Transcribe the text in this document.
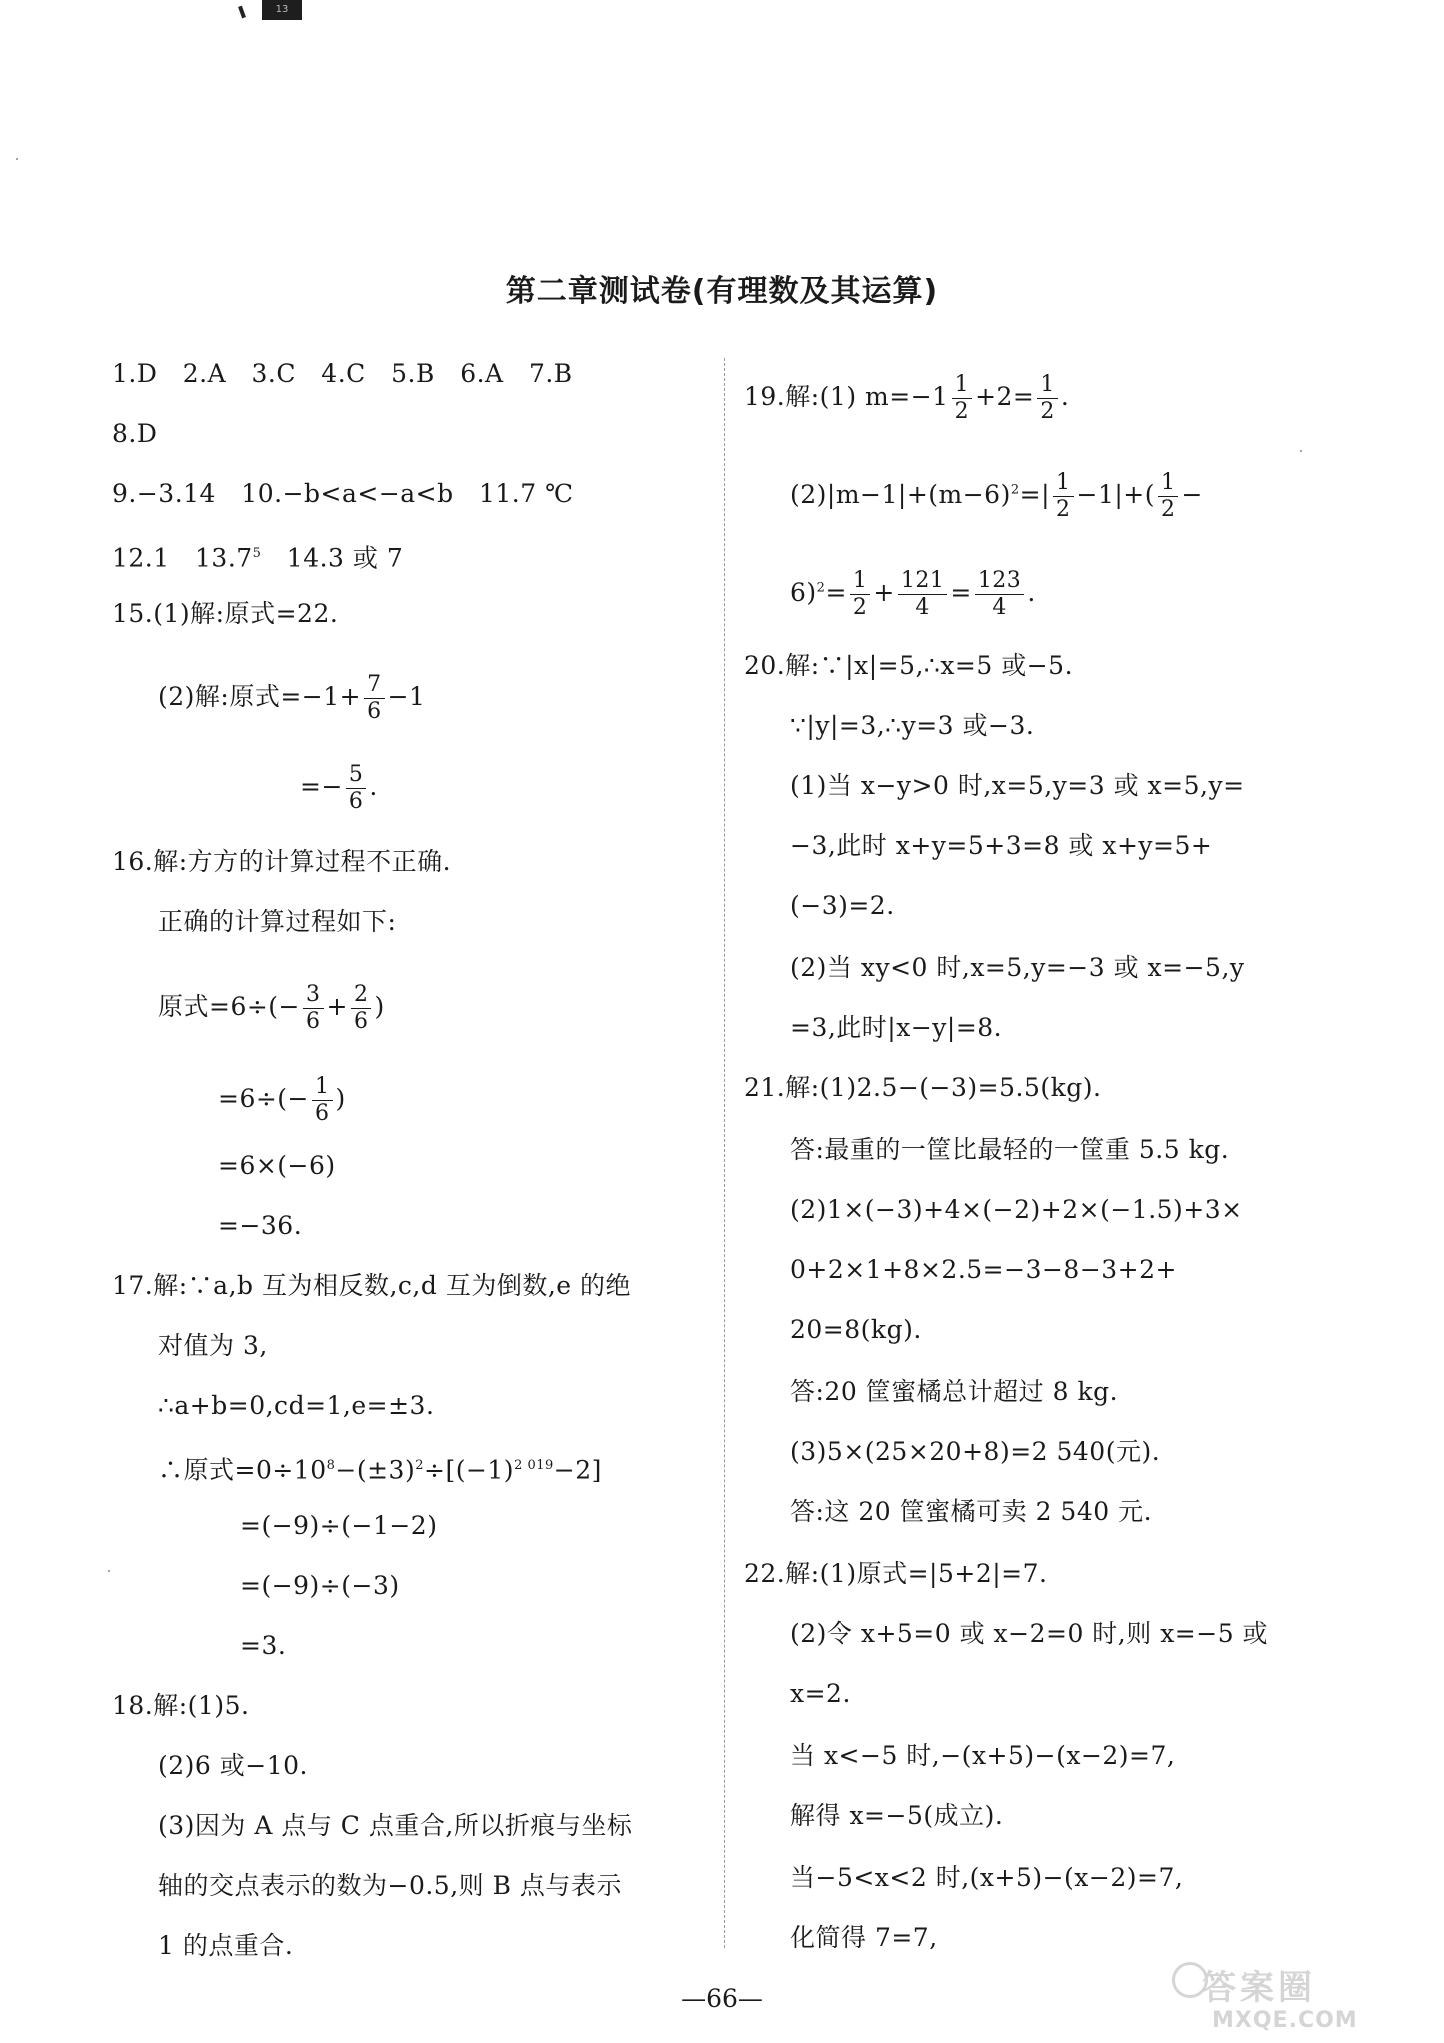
13
第二章测试卷(有理数及其运算)
1.D   2.A   3.C   4.C   5.B   6.A   7.B
8.D
9.−3.14   10.−b<a<−a<b   11.7 ℃
12.1   13.7$^5$   14.3 或 7
15.(1)解:原式=22.
(2)解:原式$=-1+ \frac{7}{6} -1$
=− $\frac{5}{6}$ .
16.解:方方的计算过程不正确.
正确的计算过程如下:
原式$=6\div(- \frac{3}{6} + \frac{2}{6}$ )
$=6\div(- \frac{1}{6}$ )
=6×(−6)
=−36.
17.解:∵a,b 互为相反数,c,d 互为倒数,e 的绝
对值为 3,
∴a+b=0,cd=1,e=±3.
∴原式$=0\div 10^8-(\pm 3)^2\div[(-1)^{2 019}-2]$
=(−9)÷(−1−2)
=(−9)÷(−3)
=3.
18.解:(1)5.
(2)6 或−10.
(3)因为 A 点与 C 点重合,所以折痕与坐标
轴的交点表示的数为−0.5,则 B 点与表示
1 的点重合.
19.解:(1) $m=-1 \frac{1}{2} +2= \frac{1}{2}$ .
$(2)|m-1|+(m-6)^2=| \frac{1}{2} -1|+( \frac{1}{2}$ −
$6)^2= \frac{1}{2} + \frac{121}{4} = \frac{123}{4}$ .
20.解:∵|x|=5,∴x=5 或−5.
∵|y|=3,∴y=3 或−3.
(1)当 x−y>0 时,x=5,y=3 或 x=5,y=
−3,此时 x+y=5+3=8 或 x+y=5+
(−3)=2.
(2)当 xy<0 时,x=5,y=−3 或 x=−5,y
=3,此时|x−y|=8.
21.解:(1)2.5−(−3)=5.5(kg).
答:最重的一筐比最轻的一筐重 5.5 kg.
(2)1×(−3)+4×(−2)+2×(−1.5)+3×
0+2×1+8×2.5=−3−8−3+2+
20=8(kg).
答:20 筐蜜橘总计超过 8 kg.
(3)5×(25×20+8)=2 540(元).
答:这 20 筐蜜橘可卖 2 540 元.
22.解:(1)原式=|5+2|=7.
(2)令 x+5=0 或 x−2=0 时,则 x=−5 或
x=2.
当 x<−5 时,−(x+5)−(x−2)=7,
解得 x=−5(成立).
当−5<x<2 时,(x+5)−(x−2)=7,
化简得 7=7,
—66—	答案圈
MXQE.COM
